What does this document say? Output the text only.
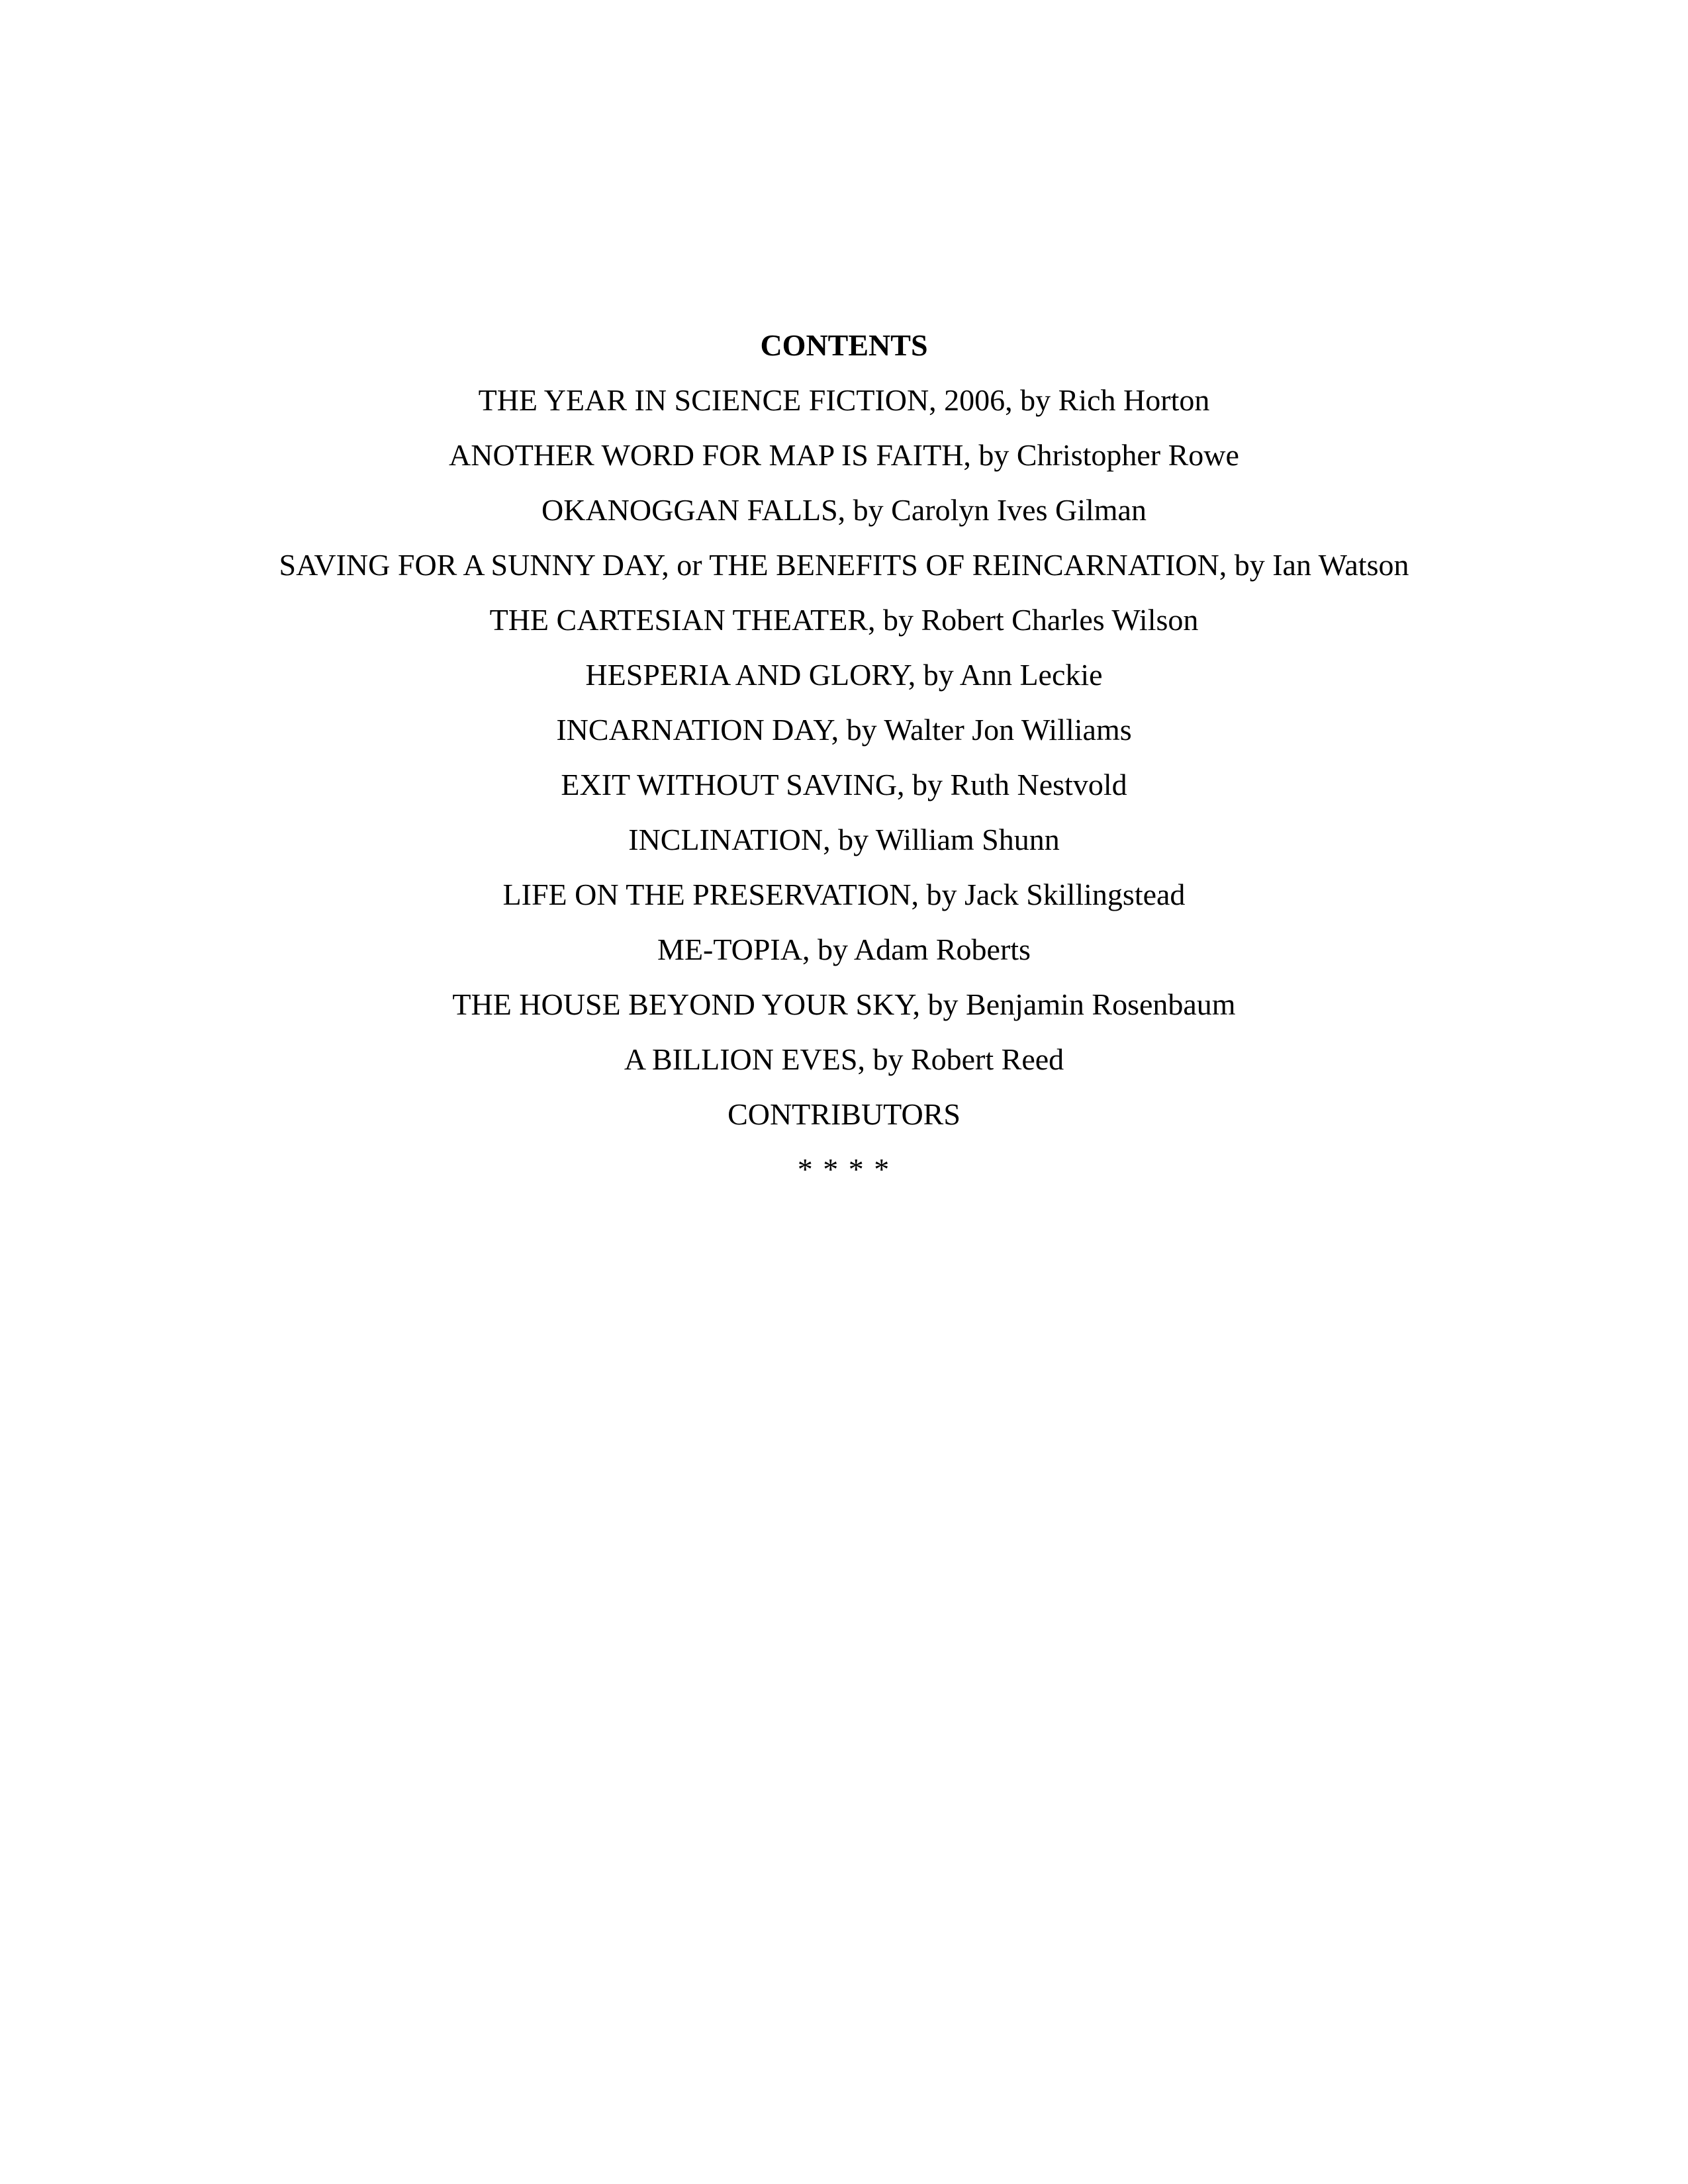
CONTENTS
THE YEAR IN SCIENCE FICTION, 2006, by Rich Horton
ANOTHER WORD FOR MAP IS FAITH, by Christopher Rowe
OKANOGGAN FALLS, by Carolyn Ives Gilman
SAVING FOR A SUNNY DAY, or THE BENEFITS OF REINCARNATION, by Ian Watson
THE CARTESIAN THEATER, by Robert Charles Wilson
HESPERIA AND GLORY, by Ann Leckie
INCARNATION DAY, by Walter Jon Williams
EXIT WITHOUT SAVING, by Ruth Nestvold
INCLINATION, by William Shunn
LIFE ON THE PRESERVATION, by Jack Skillingstead
ME-TOPIA, by Adam Roberts
THE HOUSE BEYOND YOUR SKY, by Benjamin Rosenbaum
A BILLION EVES, by Robert Reed
CONTRIBUTORS
* * * *
